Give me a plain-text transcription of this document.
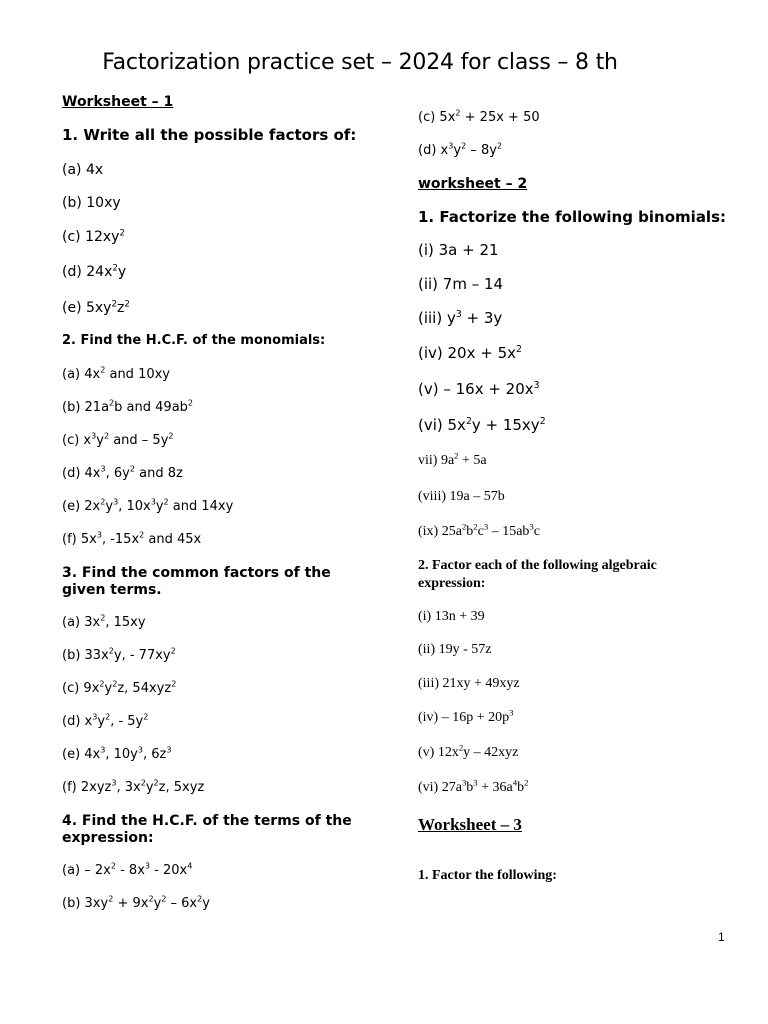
Factorization practice set – 2024 for class – 8 th
Worksheet – 1
1. Write all the possible factors of:
(a) 4x
(b) 10xy
(c) $12xy^2$
(d) $24x^2y$
(e) $5xy^2z^2$
2. Find the H.C.F. of the monomials:
(a) $4x^2$ and 10xy
(b) $21a^2b$ and $49ab^2$
(c) $x^3y^2$ and – $5y^2$
(d) $4x^3$, $6y^2$ and 8z
(e) $2x^2y^3$, $10x^3y^2$ and 14xy
(f) $5x^3$, $-15x^2$ and 45x
3. Find the common factors of the
given terms.
(a) $3x^2$, 15xy
(b) $33x^2y$, - $77xy^2$
(c) $9x^2y^2z$, 54xyz$^2$
(d) $x^3y^2$, - $5y^2$
(e) $4x^3$, $10y^3$, $6z^3$
(f) 2xyz$^3$, $3x^2y^2z$, 5xyz
4. Find the H.C.F. of the terms of the
expression:
$(a) - 2x^2 - 8x^3 - 20x^4$
(b) $3xy^2 + 9x^2y^2 - 6x^2y$
(c) $5x^2 + 25x + 50$
(d) $x^3y^2 - 8y^2$
worksheet – 2
1. Factorize the following binomials:
(i) 3a + 21
(ii) 7m – 14
(iii) $y^3 + 3y$
(iv) $20x + 5x^2$
$(v) - 16x + 20x^3$
(vi) $5x^2y + 15xy^2$
vii) $9a^2 + 5a$
(viii) 19a – 57b
(ix) $25a^2b^2c^3 - 15ab^3c$
2. Factor each of the following algebraic
expression:
(i) 13n + 39
(ii) 19y - 57z
(iii) 21xy + 49xyz
$(iv) - 16p + 20p^3$
(v) $12x^2y - 42xyz$
(vi) $27a^3b^3 + 36a^4b^2$
Worksheet – 3
1. Factor the following:
1
